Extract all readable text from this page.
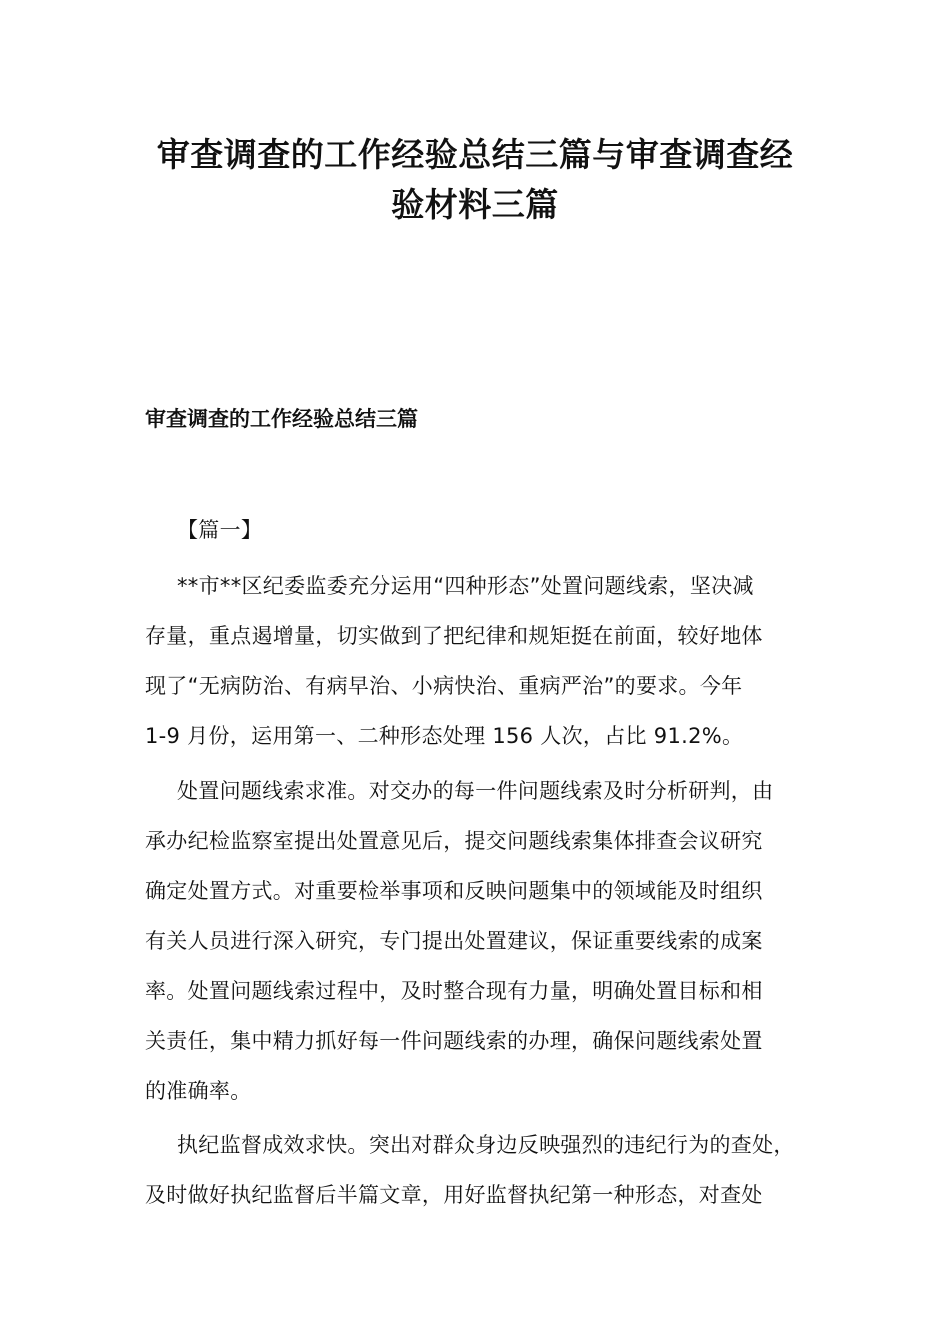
审查调查的工作经验总结三篇与审查调查经
验材料三篇
审查调查的工作经验总结三篇
【篇一】
**市**区纪委监委充分运用“四种形态”处置问题线索，坚决减
存量，重点遏增量，切实做到了把纪律和规矩挺在前面，较好地体
现了“无病防治、有病早治、小病快治、重病严治”的要求。今年
1-9 月份，运用第一、二种形态处理 156 人次，占比 91.2%。
处置问题线索求准。对交办的每一件问题线索及时分析研判，由
承办纪检监察室提出处置意见后，提交问题线索集体排查会议研究
确定处置方式。对重要检举事项和反映问题集中的领域能及时组织
有关人员进行深入研究，专门提出处置建议，保证重要线索的成案
率。处置问题线索过程中，及时整合现有力量，明确处置目标和相
关责任，集中精力抓好每一件问题线索的办理，确保问题线索处置
的准确率。
执纪监督成效求快。突出对群众身边反映强烈的违纪行为的查处，
及时做好执纪监督后半篇文章，用好监督执纪第一种形态，对查处
